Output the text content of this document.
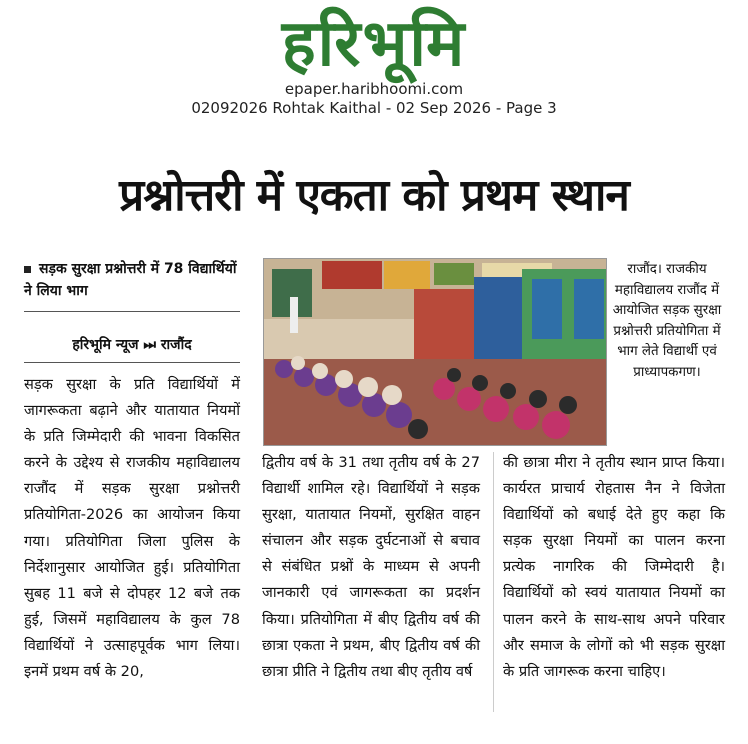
हरिभूमि
epaper.haribhoomi.com
02092026 Rohtak Kaithal - 02 Sep 2026 - Page 3
प्रश्नोत्तरी में एकता को प्रथम स्थान
सड़क सुरक्षा प्रश्नोत्तरी में 78 विद्यार्थियों ने लिया भाग
हरिभूमि न्यूज ⏭ राजौंद

सड़क सुरक्षा के प्रति विद्यार्थियों में जागरूकता बढ़ाने और यातायात नियमों के प्रति जिम्मेदारी की भावना विकसित करने के उद्देश्य से राजकीय महाविद्यालय राजौंद में सड़क सुरक्षा प्रश्नोत्तरी प्रतियोगिता-2026 का आयोजन किया गया। प्रतियोगिता जिला पुलिस के निर्देशानुसार आयोजित हुई। प्रतियोगिता सुबह 11 बजे से दोपहर 12 बजे तक हुई, जिसमें महाविद्यालय के कुल 78 विद्यार्थियों ने उत्साहपूर्वक भाग लिया। इनमें प्रथम वर्ष के 20,

राजौंद। राजकीय महाविद्यालय राजौंद में आयोजित सड़क सुरक्षा प्रश्नोत्तरी प्रतियोगिता में भाग लेते विद्यार्थी एवं प्राध्यापकगण।

द्वितीय वर्ष के 31 तथा तृतीय वर्ष के 27 विद्यार्थी शामिल रहे। विद्यार्थियों ने सड़क सुरक्षा, यातायात नियमों, सुरक्षित वाहन संचालन और सड़क दुर्घटनाओं से बचाव से संबंधित प्रश्नों के माध्यम से अपनी जानकारी एवं जागरूकता का प्रदर्शन किया। प्रतियोगिता में बीए द्वितीय वर्ष की छात्रा एकता ने प्रथम, बीए द्वितीय वर्ष की छात्रा प्रीति ने द्वितीय तथा बीए तृतीय वर्ष

की छात्रा मीरा ने तृतीय स्थान प्राप्त किया। कार्यरत प्राचार्य रोहतास नैन ने विजेता विद्यार्थियों को बधाई देते हुए कहा कि सड़क सुरक्षा नियमों का पालन करना प्रत्येक नागरिक की जिम्मेदारी है। विद्यार्थियों को स्वयं यातायात नियमों का पालन करने के साथ-साथ अपने परिवार और समाज के लोगों को भी सड़क सुरक्षा के प्रति जागरूक करना चाहिए।
